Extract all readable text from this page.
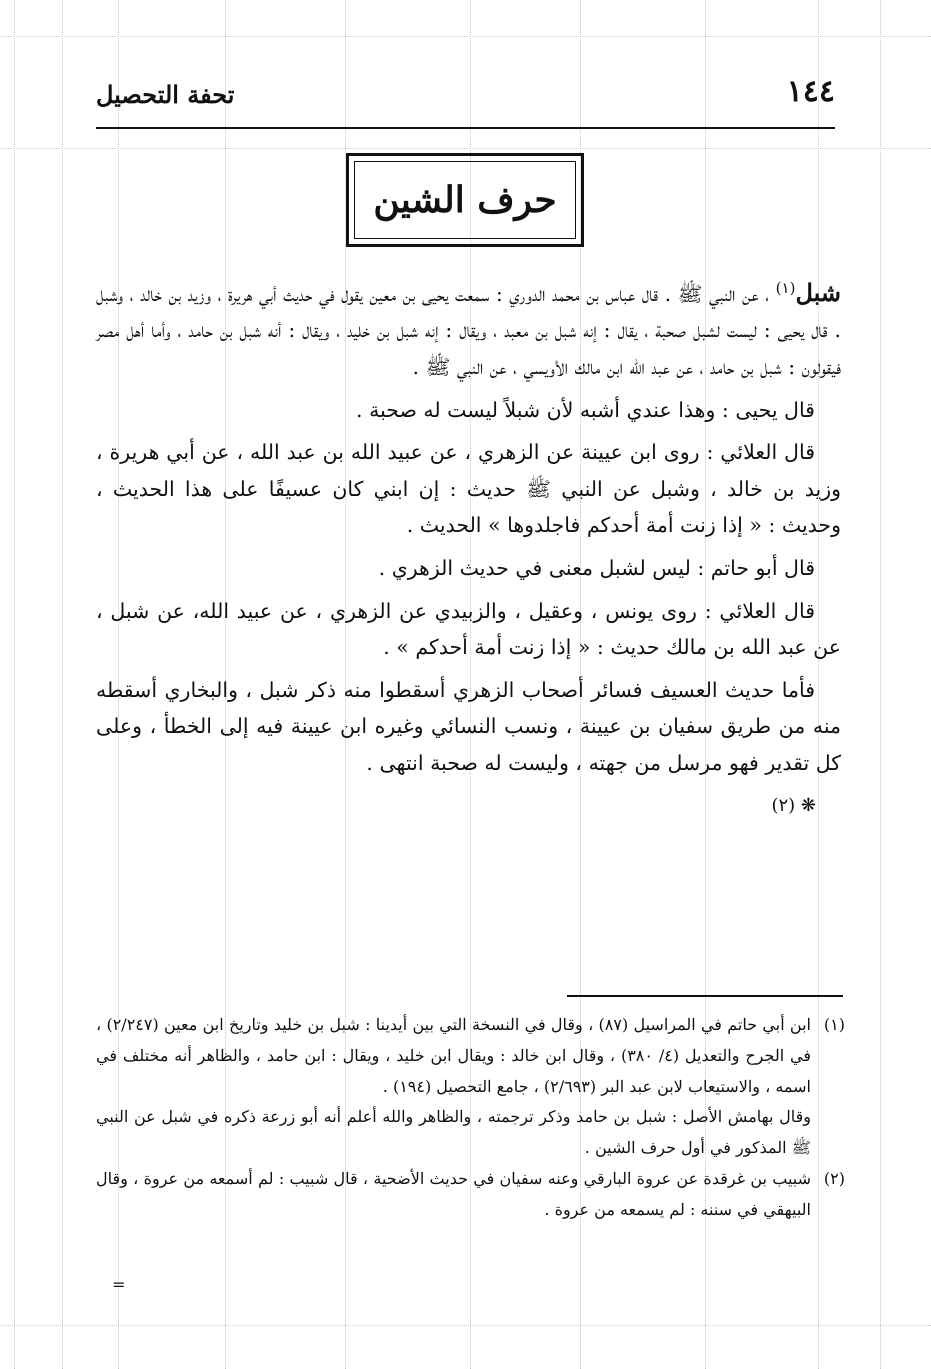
١٤٤
تحفة التحصيل
حرف الشين

شبل$^{(١)}$ ، عن النبي ﷺ . قال عباس بن محمد الدوري : سمعت يحيى بن معين يقول في حديث أبي هريرة ، وزيد بن خالد ، وشبل . قال يحيى : ليست لشبل صحبة ، يقال : إنه شبل بن معبد ، ويقال : إنه شبل بن خليد ، ويقال : أنه شبل بن حامد ، وأما أهل مصر فيقولون : شبل بن حامد ، عن عبد الله ابن مالك الأويسي ، عن النبي ﷺ .

قال يحيى : وهذا عندي أشبه لأن شبلاً ليست له صحبة .

قال العلائي : روى ابن عيينة عن الزهري ، عن عبيد الله بن عبد الله ، عن أبي هريرة ، وزيد بن خالد ، وشبل عن النبي ﷺ حديث : إن ابني كان عسيفًا على هذا الحديث ، وحديث : « إذا زنت أمة أحدكم فاجلدوها » الحديث .

قال أبو حاتم : ليس لشبل معنى في حديث الزهري .

قال العلائي : روى يونس ، وعقيل ، والزبيدي عن الزهري ، عن عبيد الله، عن شبل ، عن عبد الله بن مالك حديث : « إذا زنت أمة أحدكم » .

فأما حديث العسيف فسائر أصحاب الزهري أسقطوا منه ذكر شبل ، والبخاري أسقطه منه من طريق سفيان بن عيينة ، ونسب النسائي وغيره ابن عيينة فيه إلى الخطأ ، وعلى كل تقدير فهو مرسل من جهته ، وليست له صحبة انتهى .

❋ (٢)

(١)
ابن أبي حاتم في المراسيل (٨٧) ، وقال في النسخة التي بين أيدينا : شبل بن خليد وتاريخ ابن معين (٢/٢٤٧) ، في الجرح والتعديل (٤/ ٣٨٠) ، وقال ابن خالد : ويقال ابن خليد ، ويقال : ابن حامد ، والظاهر أنه مختلف في اسمه ، والاستيعاب لابن عبد البر (٢/٦٩٣) ، جامع التحصيل (١٩٤) .

وقال بهامش الأصل : شبل بن حامد وذكر ترجمته ، والظاهر والله أعلم أنه أبو زرعة ذكره في شبل عن النبي ﷺ المذكور في أول حرف الشين .

(٢)
شبيب بن غرقدة عن عروة البارقي وعنه سفيان في حديث الأضحية ، قال شبيب : لم أسمعه من عروة ، وقال البيهقي في سننه : لم يسمعه من عروة .

=
